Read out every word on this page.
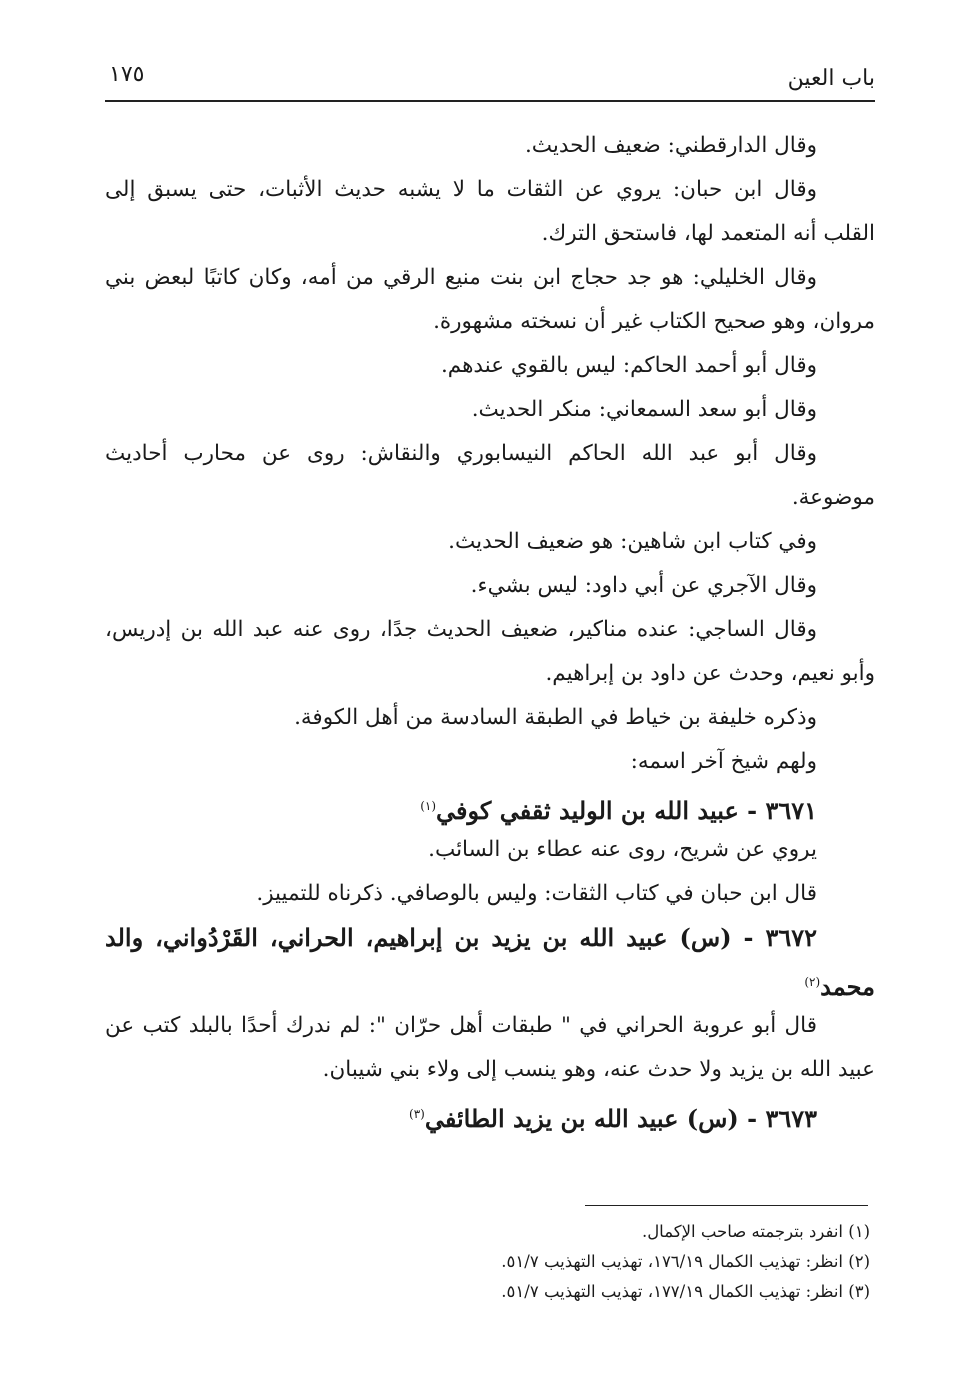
باب العين
١٧٥
وقال الدارقطني: ضعيف الحديث.
وقال ابن حبان: يروي عن الثقات ما لا يشبه حديث الأثبات، حتى يسبق إلى
القلب أنه المتعمد لها، فاستحق الترك.
وقال الخليلي: هو جد حجاج ابن بنت منيع الرقي من أمه، وكان كاتبًا لبعض بني
مروان، وهو صحيح الكتاب غير أن نسخته مشهورة.
وقال أبو أحمد الحاكم: ليس بالقوي عندهم.
وقال أبو سعد السمعاني: منكر الحديث.
وقال أبو عبد الله الحاكم النيسابوري والنقاش: روى عن محارب أحاديث
موضوعة.
وفي كتاب ابن شاهين: هو ضعيف الحديث.
وقال الآجري عن أبي داود: ليس بشيء.
وقال الساجي: عنده مناكير، ضعيف الحديث جدًا، روى عنه عبد الله بن إدريس،
وأبو نعيم، وحدث عن داود بن إبراهيم.
وذكره خليفة بن خياط في الطبقة السادسة من أهل الكوفة.
ولهم شيخ آخر اسمه:
٣٦٧١ - عبيد الله بن الوليد ثقفي كوفي$^{(١)}$
يروي عن شريح، روى عنه عطاء بن السائب.
قال ابن حبان في كتاب الثقات: وليس بالوصافي. ذكرناه للتمييز.
٣٦٧٢ - (س) عبيد الله بن يزيد بن إبراهيم، الحراني، القَرْدُواني، والد
محمد$^{(٢)}$
قال أبو عروبة الحراني في " طبقات أهل حرّان ": لم ندرك أحدًا بالبلد كتب عن
عبيد الله بن يزيد ولا حدث عنه، وهو ينسب إلى ولاء بني شيبان.
٣٦٧٣ - (س) عبيد الله بن يزيد الطائفي$^{(٣)}$
(١) انفرد بترجمته صاحب الإكمال.
(٢) انظر: تهذيب الكمال ١٧٦/١٩، تهذيب التهذيب ٥١/٧.
(٣) انظر: تهذيب الكمال ١٧٧/١٩، تهذيب التهذيب ٥١/٧.
